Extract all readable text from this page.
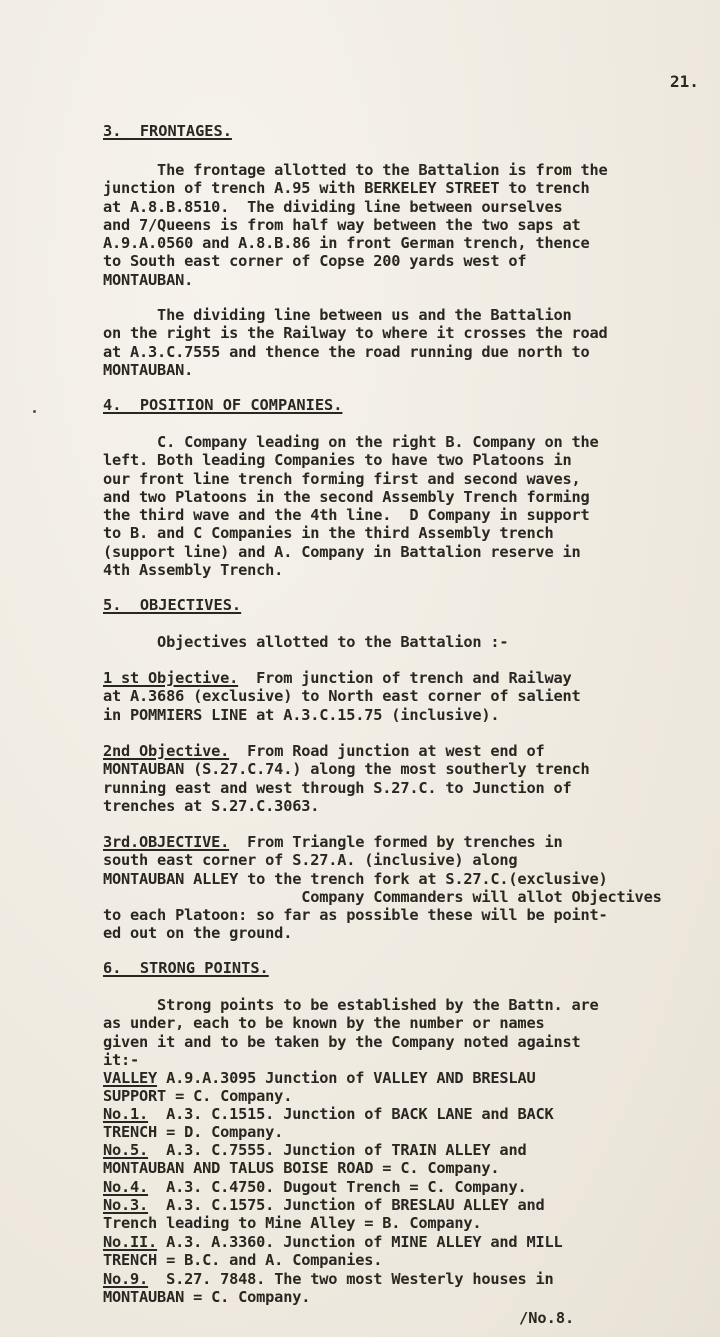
21.
3.  FRONTAGES.
The frontage allotted to the Battalion is from the
junction of trench A.95 with BERKELEY STREET to trench
at A.8.B.8510.  The dividing line between ourselves
and 7/Queens is from half way between the two saps at
A.9.A.0560 and A.8.B.86 in front German trench, thence
to South east corner of Copse 200 yards west of
MONTAUBAN.
The dividing line between us and the Battalion
on the right is the Railway to where it crosses the road
at A.3.C.7555 and thence the road running due north to
MONTAUBAN.
4.  POSITION OF COMPANIES.
C. Company leading on the right B. Company on the
left. Both leading Companies to have two Platoons in
our front line trench forming first and second waves,
and two Platoons in the second Assembly Trench forming
the third wave and the 4th line.  D Company in support
to B. and C Companies in the third Assembly trench
(support line) and A. Company in Battalion reserve in
4th Assembly Trench.
5.  OBJECTIVES.
Objectives allotted to the Battalion :-
1 st Objective.	From junction of trench and Railway
at A.3686 (exclusive) to North east corner of salient
in POMMIERS LINE at A.3.C.15.75 (inclusive).
2nd Objective.	From Road junction at west end of
MONTAUBAN (S.27.C.74.) along the most southerly trench
running east and west through S.27.C. to Junction of
trenches at S.27.C.3063.
3rd.OBJECTIVE.	From Triangle formed by trenches in
south east corner of S.27.A. (inclusive) along
MONTAUBAN ALLEY to the trench fork at S.27.C.(exclusive)
Company Commanders will allot Objectives
to each Platoon: so far as possible these will be point-
ed out on the ground.
6.  STRONG POINTS.
Strong points to be established by the Battn. are
as under, each to be known by the number or names
given it and to be taken by the Company noted against
it:-
VALLEY A.9.A.3095 Junction of VALLEY AND BRESLAU
SUPPORT = C. Company.
No.1.  A.3. C.1515. Junction of BACK LANE and BACK
TRENCH = D. Company.
No.5.  A.3. C.7555. Junction of TRAIN ALLEY and
MONTAUBAN AND TALUS BOISE ROAD = C. Company.
No.4.  A.3. C.4750. Dugout Trench = C. Company.
No.3.  A.3. C.1575. Junction of BRESLAU ALLEY and
Trench leading to Mine Alley = B. Company.
No.II. A.3. A.3360. Junction of MINE ALLEY and MILL
TRENCH = B.C. and A. Companies.
No.9.  S.27. 7848. The two most Westerly houses in
MONTAUBAN = C. Company.
/No.8.
